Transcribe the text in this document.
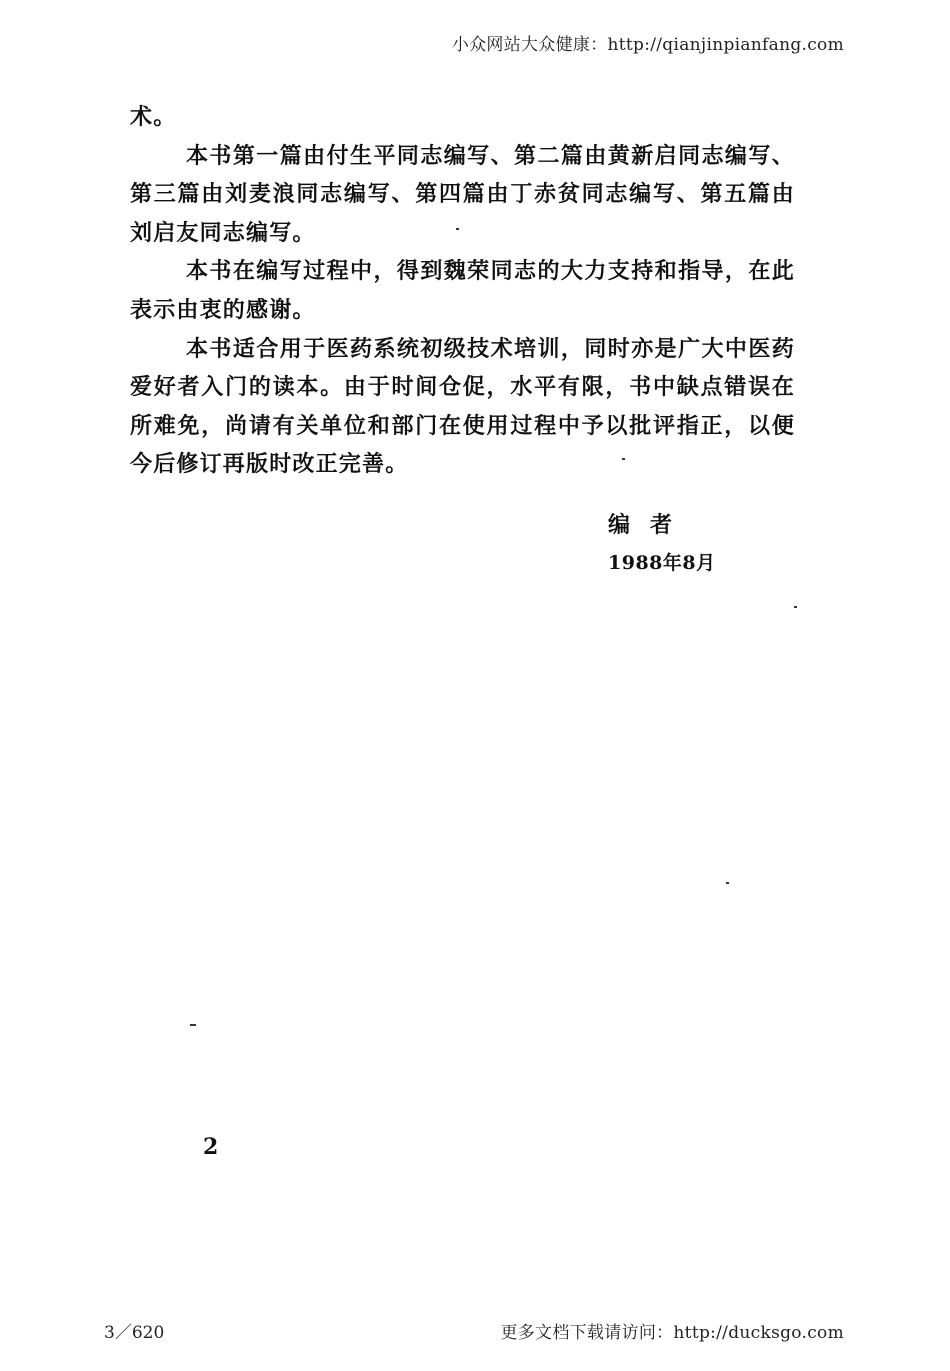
小众网站大众健康：http://qianjinpianfang.com

术。

本书第一篇由付生平同志编写、第二篇由黄新启同志编写、第三篇由刘麦浪同志编写、第四篇由丁赤贫同志编写、第五篇由刘启友同志编写。

本书在编写过程中，得到魏荣同志的大力支持和指导，在此表示由衷的感谢。

本书适合用于医药系统初级技术培训，同时亦是广大中医药爱好者入门的读本。由于时间仓促，水平有限，书中缺点错误在所难免，尚请有关单位和部门在使用过程中予以批评指正，以便今后修订再版时改正完善。

编者
1988年8月
2
3／620	更多文档下载请访问：http://ducksgo.com
